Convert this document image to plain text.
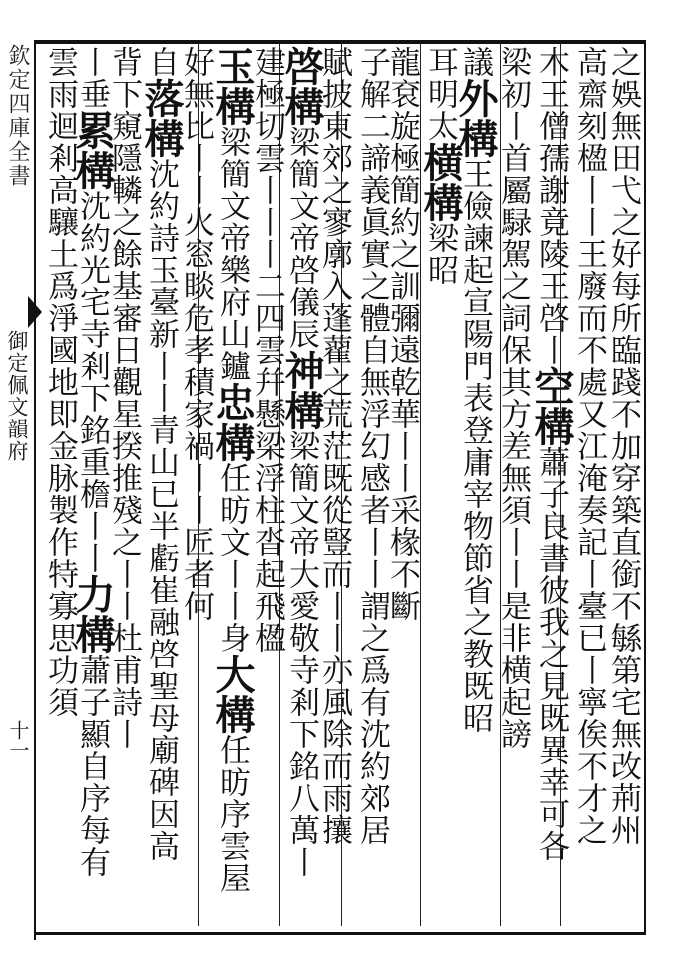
欽定四庫全書
御定佩文韻府
十一	之娛無田弋之好每所臨踐不加穿築直銜不緐第宅無改荊州
高齋刻楹丨丨王廢而不處又江淹奏記丨臺已丨寧俟不才之
木王僧孺謝竟陵王啓丨空構蕭子良書彼我之見既異幸可各
梁初丨首屬騄駕之詞保其方差無須丨丨是非横起謗
議外構王儉諫起宣陽門表登庸宰物節省之教既昭
耳明太横構梁昭
龍袞旋極簡約之訓彌遠乾華丨丨采椽不斷
子解二諦義眞實之體自無浮幻感者丨丨謂之爲有沈約郊居
賦披東郊之寥廓入蓬藋之荒茫既從豎而丨丨亦風除而雨攘
啓構梁簡文帝啓儀辰神構梁簡文帝大愛敬寺剎下銘八萬丨
建極切雲丨丨丨二四雲幷懸梁浮柱沓起飛楹
玉構梁簡文帝樂府山鑪忠構任昉文丨丨身大構任昉序雲屋
好無比丨丨火窓睒危孝積家禍丨丨匠者何
自落構沈約詩玉臺新丨丨青山已半虧崔融啓聖母廟碑因高
背下窺隱轔之餘基審日觀星揆推殘之丨丨杜甫詩丨
丨垂累構沈約光宅寺剎下銘重檐丨丨力構蕭子顯自序每有
雲雨迴剎高驤土爲淨國地即金脉製作特寡思功須
